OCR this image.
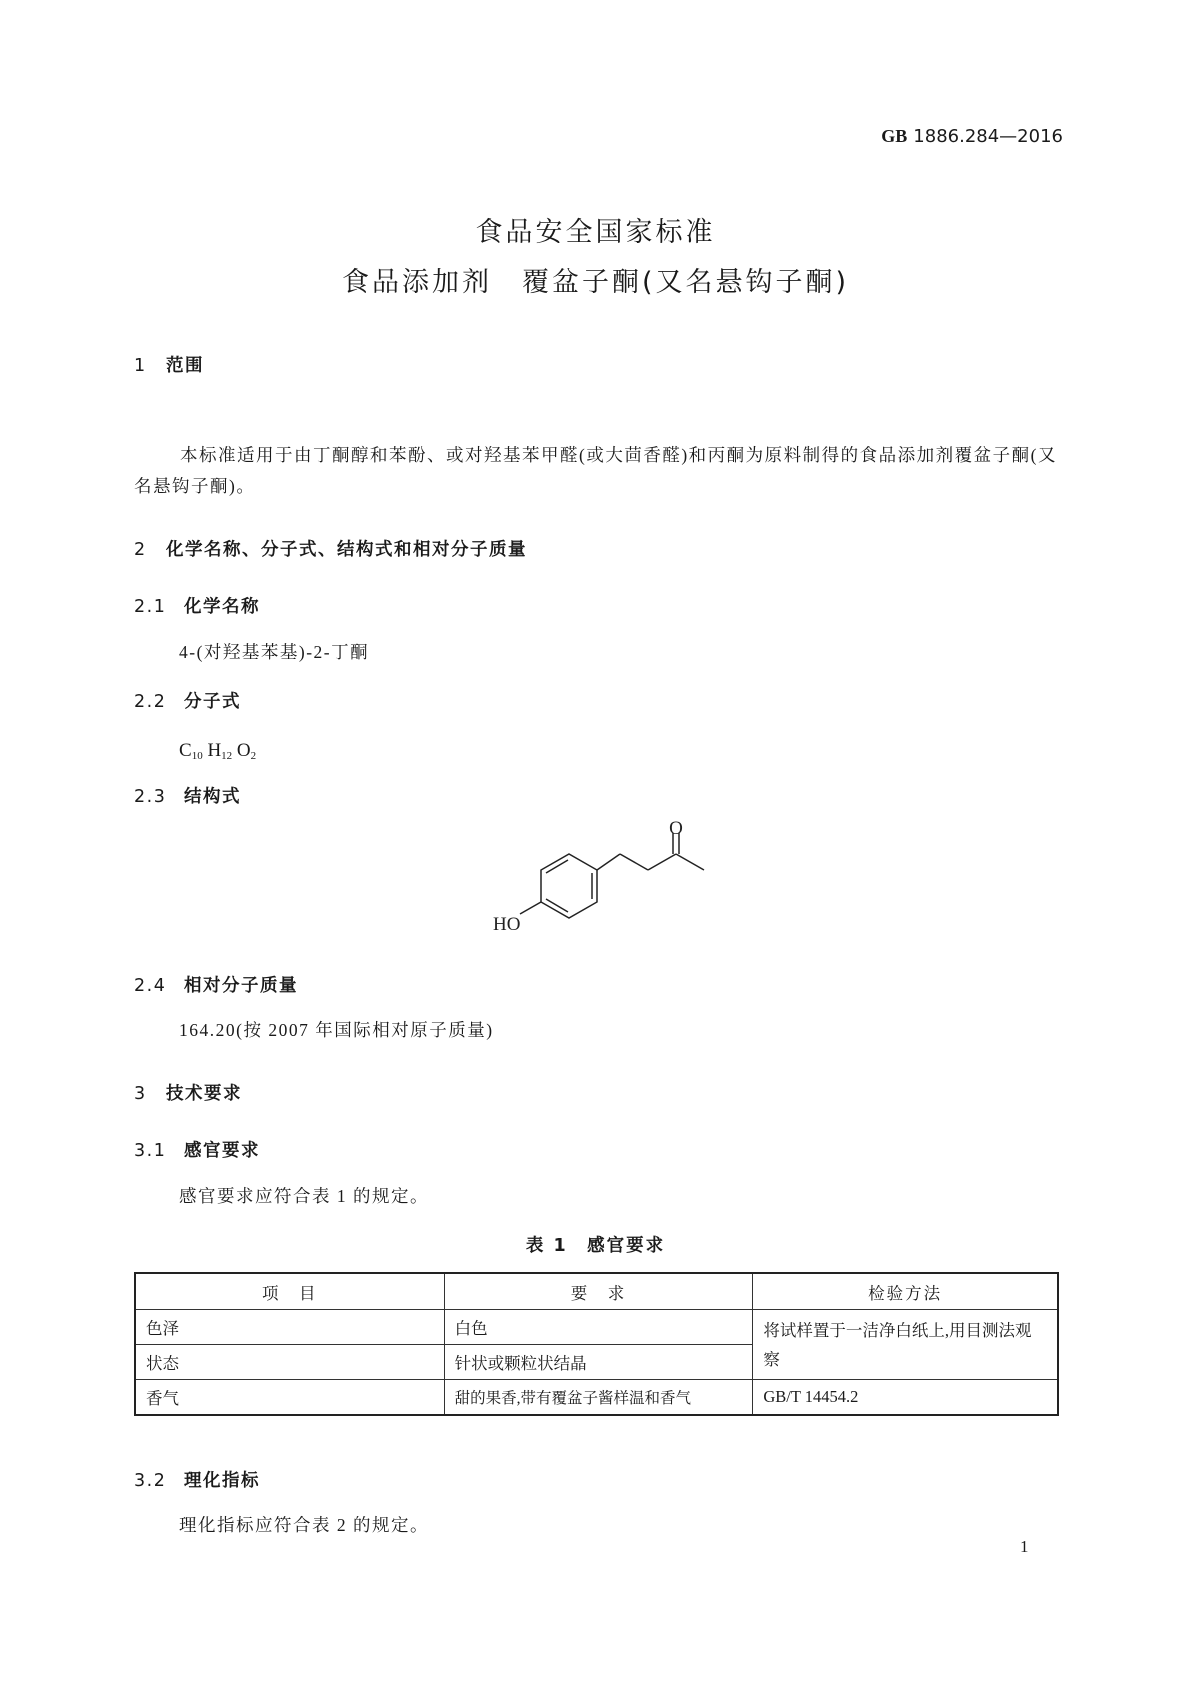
GB 1886.284—2016
食品安全国家标准
食品添加剂　覆盆子酮(又名悬钩子酮)
1 范围
本标准适用于由丁酮醇和苯酚、或对羟基苯甲醛(或大茴香醛)和丙酮为原料制得的食品添加剂覆盆子酮(又名悬钩子酮)。
2 化学名称、分子式、结构式和相对分子质量
2.1 化学名称
4-(对羟基苯基)-2-丁酮
2.2 分子式
$C_{10}$ $H_{12}$ $O_2$
2.3 结构式
O
HO
2.4 相对分子质量
164.20(按 2007 年国际相对原子质量)
3 技术要求
3.1 感官要求
感官要求应符合表 1 的规定。
表 1　感官要求
项　目	要　求	检验方法
色泽	白色	将试样置于一洁净白纸上,用目测法观察
状态	针状或颗粒状结晶	
香气	甜的果香,带有覆盆子酱样温和香气	GB/T 14454.2
3.2 理化指标
理化指标应符合表 2 的规定。
1
